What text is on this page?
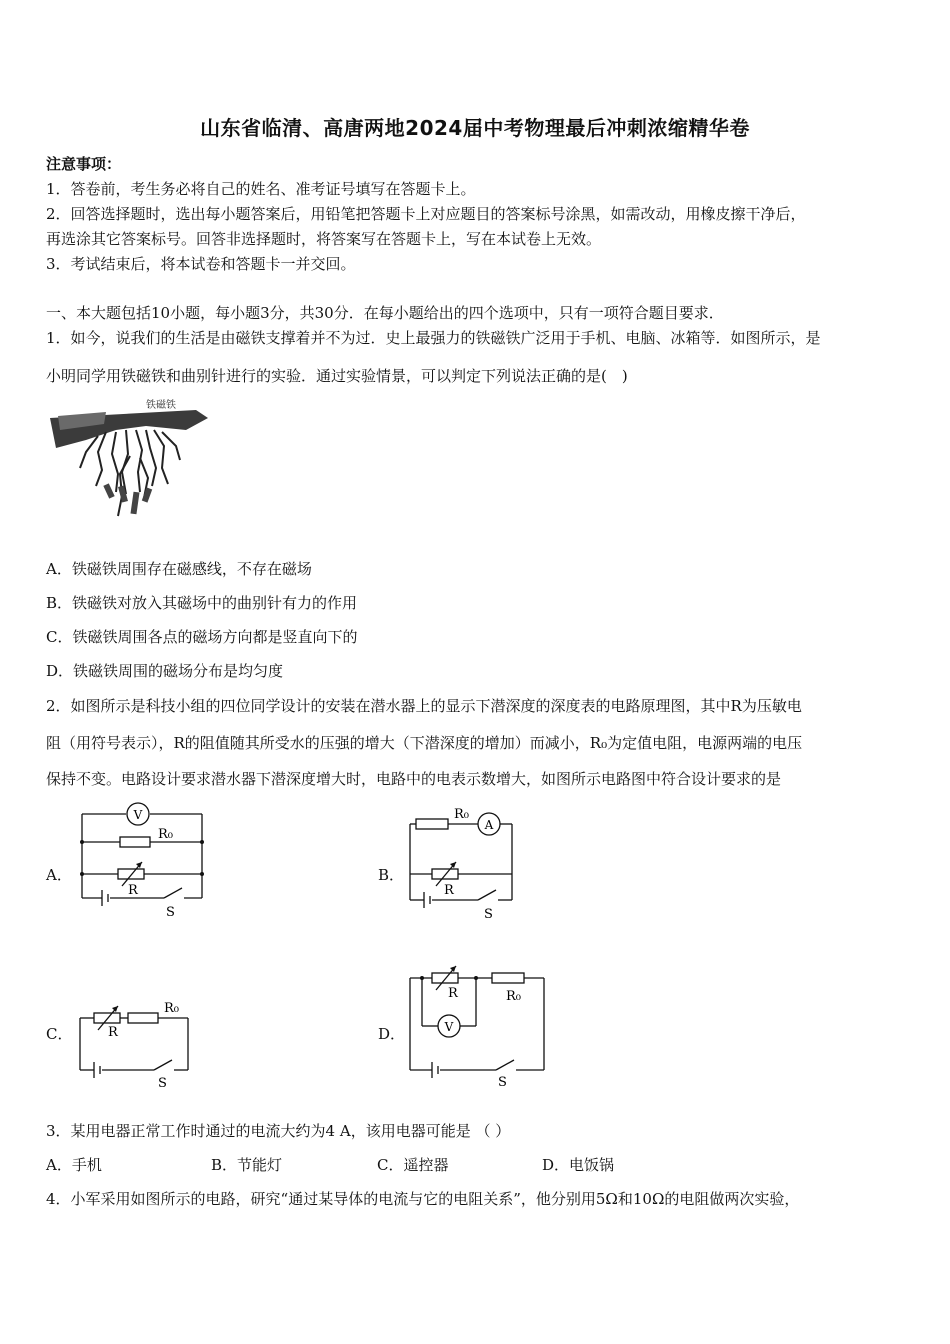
山东省临清、高唐两地2024届中考物理最后冲刺浓缩精华卷
注意事项：
1．答卷前，考生务必将自己的姓名、准考证号填写在答题卡上。
2．回答选择题时，选出每小题答案后，用铅笔把答题卡上对应题目的答案标号涂黑，如需改动，用橡皮擦干净后，
再选涂其它答案标号。回答非选择题时，将答案写在答题卡上，写在本试卷上无效。
3．考试结束后，将本试卷和答题卡一并交回。
一、本大题包括10小题，每小题3分，共30分．在每小题给出的四个选项中，只有一项符合题目要求．
1．如今，说我们的生活是由磁铁支撑着并不为过．史上最强力的铁磁铁广泛用于手机、电脑、冰箱等．如图所示，是
小明同学用铁磁铁和曲别针进行的实验．通过实验情景，可以判定下列说法正确的是(　)
铁磁铁
A．铁磁铁周围存在磁感线，不存在磁场
B．铁磁铁对放入其磁场中的曲别针有力的作用
C．铁磁铁周围各点的磁场方向都是竖直向下的
D．铁磁铁周围的磁场分布是均匀度
2．如图所示是科技小组的四位同学设计的安装在潜水器上的显示下潜深度的深度表的电路原理图，其中R为压敏电
阻（用符号表示），R的阻值随其所受水的压强的增大（下潜深度的增加）而减小，R₀为定值电阻，电源两端的电压
保持不变。电路设计要求潜水器下潜深度增大时，电路中的电表示数增大，如图所示电路图中符合设计要求的是
A．
V
R₀
R
S
B．
A
R₀
R
S
C．	R
R₀
S
D．	V
R	R₀
S
3．某用电器正常工作时通过的电流大约为4 A，该用电器可能是 （ ）
A．手机	B．节能灯	C．遥控器	D．电饭锅
4．小军采用如图所示的电路，研究“通过某导体的电流与它的电阻关系”，他分别用5Ω和10Ω的电阻做两次实验，
